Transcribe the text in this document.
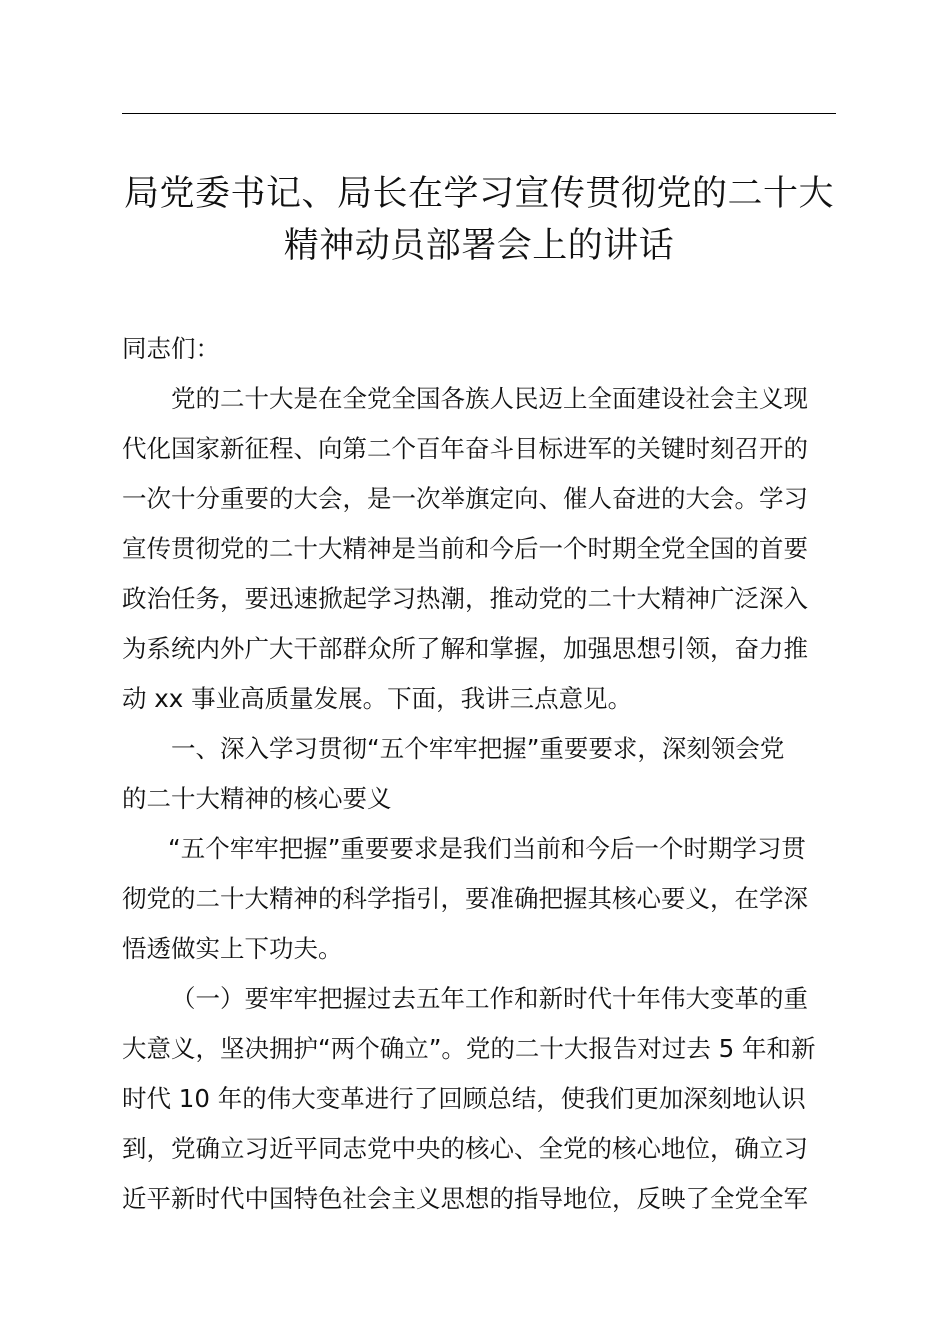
局党委书记、局长在学习宣传贯彻党的二十大
精神动员部署会上的讲话
同志们：
党的二十大是在全党全国各族人民迈上全面建设社会主义现
代化国家新征程、向第二个百年奋斗目标进军的关键时刻召开的
一次十分重要的大会，是一次举旗定向、催人奋进的大会。学习
宣传贯彻党的二十大精神是当前和今后一个时期全党全国的首要
政治任务，要迅速掀起学习热潮，推动党的二十大精神广泛深入
为系统内外广大干部群众所了解和掌握，加强思想引领，奋力推
动 xx 事业高质量发展。下面，我讲三点意见。
一、深入学习贯彻“五个牢牢把握”重要要求，深刻领会党
的二十大精神的核心要义
“五个牢牢把握”重要要求是我们当前和今后一个时期学习贯
彻党的二十大精神的科学指引，要准确把握其核心要义，在学深
悟透做实上下功夫。
（一）要牢牢把握过去五年工作和新时代十年伟大变革的重
大意义，坚决拥护“两个确立”。党的二十大报告对过去 5 年和新
时代 10 年的伟大变革进行了回顾总结，使我们更加深刻地认识
到，党确立习近平同志党中央的核心、全党的核心地位，确立习
近平新时代中国特色社会主义思想的指导地位，反映了全党全军
